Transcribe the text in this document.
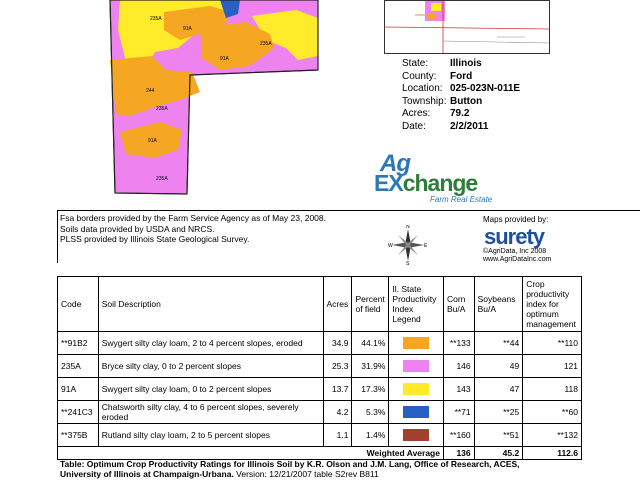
235A
91A
235A
244
91A
235A
91A
235A
State:	Illinois
County:	Ford
Location: 025-023N-011E
Township: Button
Acres:	79.2
Date:	2/2/2011
Ag
EXchange
Farm Real Estate
Fsa borders provided by the Farm Service Agency as of May 23, 2008.
Soils data provided by USDA and NRCS.
PLSS provided by Illinois State Geological Survey.
N
S
W	E
Maps provided by:
surety
©AgriData, Inc 2008
www.AgriDataInc.com
Code	Soil Description	Acres	Percent of field	Il. State Productivity Index Legend	Corn Bu/A	Soybeans Bu/A	Crop productivity index for optimum management
**91B2	Swygert silty clay loam, 2 to 4 percent slopes, eroded	34.9	44.1%		**133	**44	**110
235A	Bryce silty clay, 0 to 2 percent slopes	25.3	31.9%		146	49	121
91A	Swygert silty clay loam, 0 to 2 percent slopes	13.7	17.3%		143	47	118
**241C3	Chatsworth silty clay, 4 to 6 percent slopes, severely eroded	4.2	5.3%		**71	**25	**60
**375B	Rutland silty clay loam, 2 to 5 percent slopes	1.1	1.4%		**160	**51	**132
Weighted Average					136	45.2	112.6
Table: Optimum Crop Productivity Ratings for Illinois Soil by K.R. Olson and J.M. Lang, Office of Research, ACES,
University of Illinois at Champaign-Urbana. Version: 12/21/2007 table S2rev B811
